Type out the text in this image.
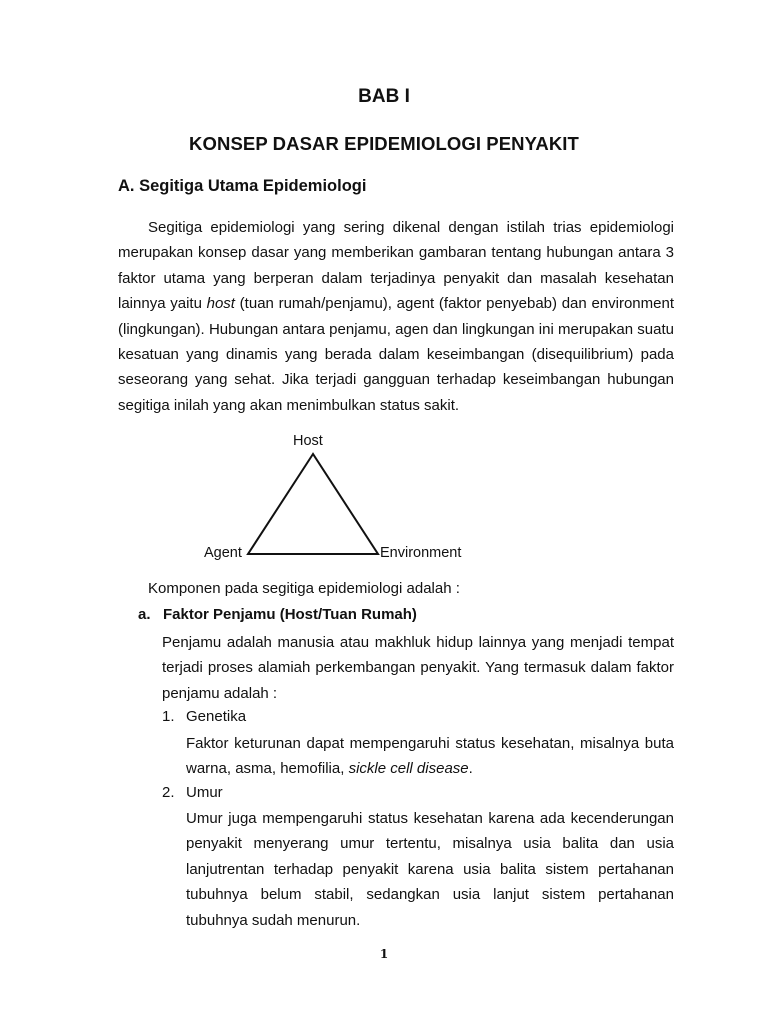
BAB I
KONSEP DASAR EPIDEMIOLOGI PENYAKIT
A. Segitiga Utama Epidemiologi

Segitiga epidemiologi yang sering dikenal dengan istilah trias epidemiologi merupakan konsep dasar yang memberikan gambaran tentang hubungan antara 3 faktor utama yang berperan dalam terjadinya penyakit dan masalah kesehatan lainnya yaitu host (tuan rumah/penjamu), agent (faktor penyebab) dan environment (lingkungan). Hubungan antara penjamu, agen dan lingkungan ini merupakan suatu kesatuan yang dinamis yang berada dalam keseimbangan (disequilibrium) pada seseorang yang sehat. Jika terjadi gangguan terhadap keseimbangan hubungan segitiga inilah yang akan menimbulkan status sakit.

Host
Agent	Environment

Komponen pada segitiga epidemiologi adalah :

a. Faktor Penjamu (Host/Tuan Rumah)

Penjamu adalah manusia atau makhluk hidup lainnya yang menjadi tempat terjadi proses alamiah perkembangan penyakit. Yang termasuk dalam faktor penjamu adalah :

1. Genetika

Faktor keturunan dapat mempengaruhi status kesehatan, misalnya buta warna, asma, hemofilia, sickle cell disease.

2. Umur

Umur juga mempengaruhi status kesehatan karena ada kecenderungan penyakit menyerang umur tertentu, misalnya usia balita dan usia lanjutrentan terhadap penyakit karena usia balita sistem pertahanan tubuhnya belum stabil, sedangkan usia lanjut sistem pertahanan tubuhnya sudah menurun.

1
